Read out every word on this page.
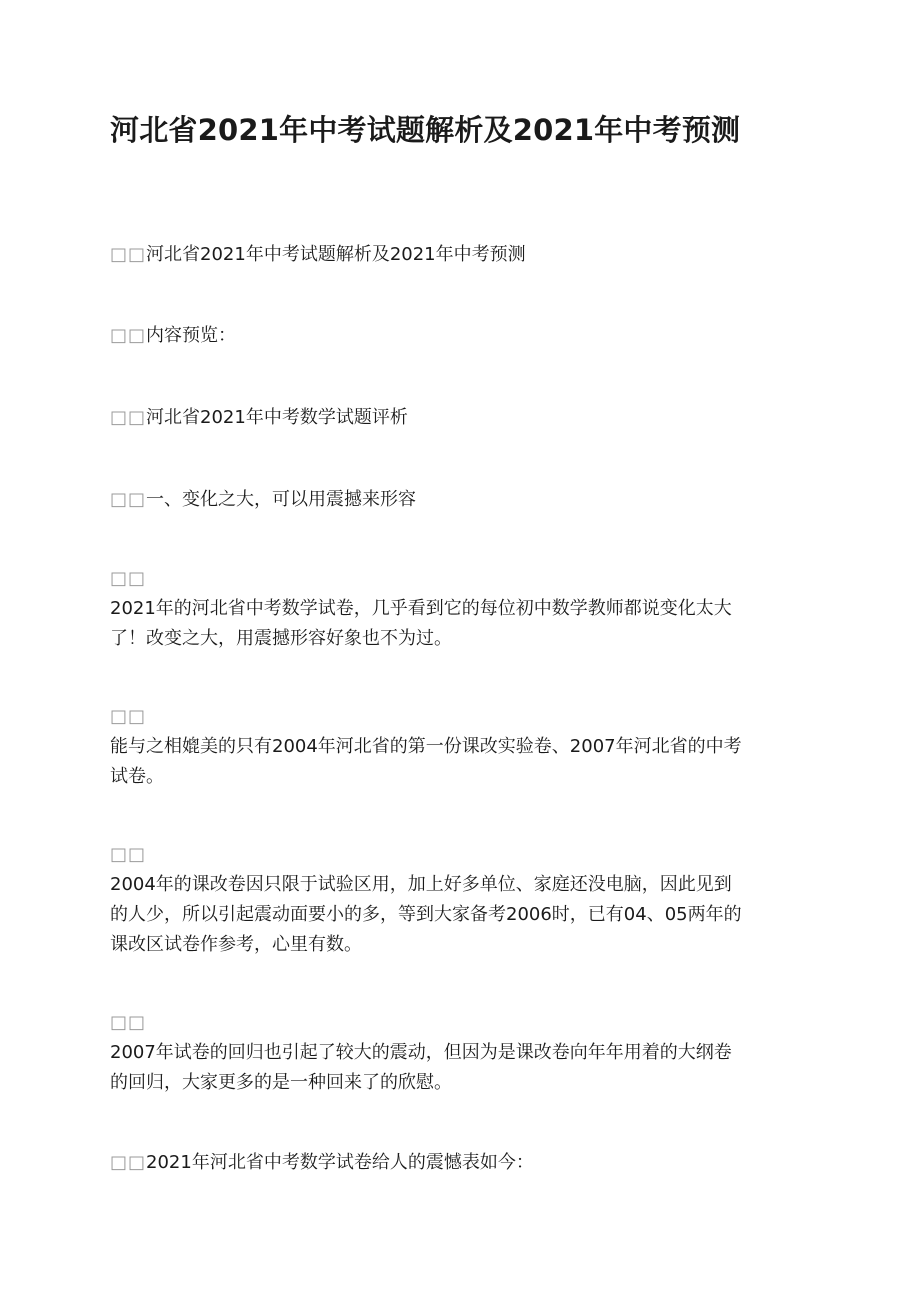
河北省2021年中考试题解析及2021年中考预测
□□河北省2021年中考试题解析及2021年中考预测
□□内容预览：
□□河北省2021年中考数学试题评析
□□一、变化之大，可以用震撼来形容
□□
2021年的河北省中考数学试卷，几乎看到它的每位初中数学教师都说变化太大
了！改变之大，用震撼形容好象也不为过。
□□
能与之相媲美的只有2004年河北省的第一份课改实验卷、2007年河北省的中考
试卷。
□□
2004年的课改卷因只限于试验区用，加上好多单位、家庭还没电脑，因此见到
的人少，所以引起震动面要小的多，等到大家备考2006时，已有04、05两年的
课改区试卷作参考，心里有数。
□□
2007年试卷的回归也引起了较大的震动，但因为是课改卷向年年用着的大纲卷
的回归，大家更多的是一种回来了的欣慰。
□□2021年河北省中考数学试卷给人的震憾表如今：
